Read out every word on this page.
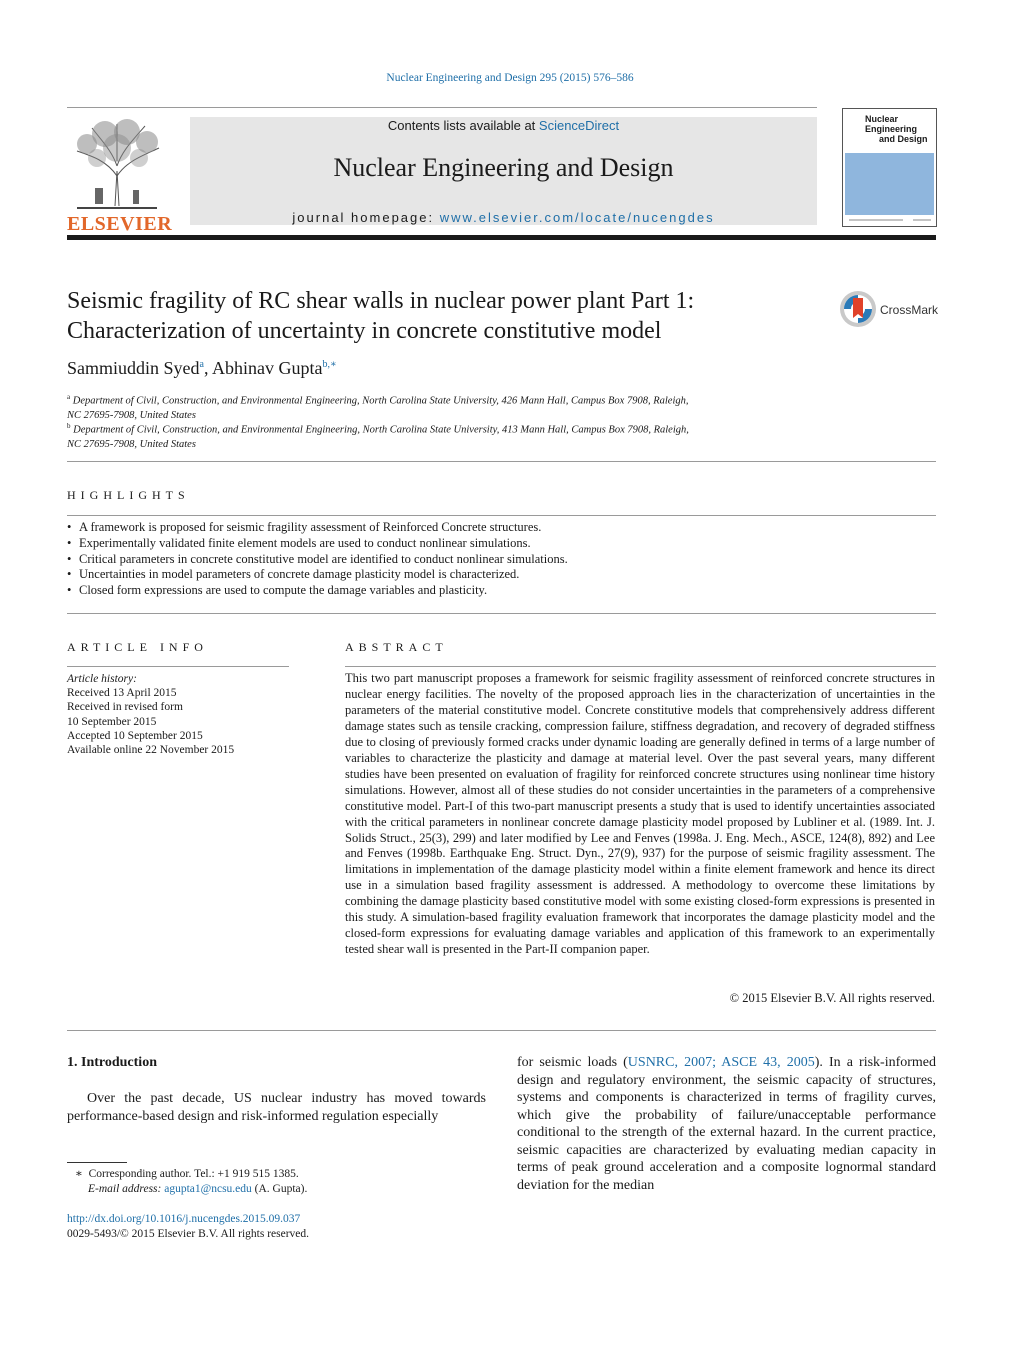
Nuclear Engineering and Design 295 (2015) 576–586
ELSEVIER
Contents lists available at ScienceDirect
Nuclear Engineering and Design
journal homepage: www.elsevier.com/locate/nucengdes
Nuclear Engineering
and Design
Seismic fragility of RC shear walls in nuclear power plant Part 1:
Characterization of uncertainty in concrete constitutive model
CrossMark
Sammiuddin Syed$^a$, Abhinav Gupta$^{b,∗}$
$^a$ Department of Civil, Construction, and Environmental Engineering, North Carolina State University, 426 Mann Hall, Campus Box 7908, Raleigh,
NC 27695-7908, United States
$^b$ Department of Civil, Construction, and Environmental Engineering, North Carolina State University, 413 Mann Hall, Campus Box 7908, Raleigh,
NC 27695-7908, United States
HIGHLIGHTS
• A framework is proposed for seismic fragility assessment of Reinforced Concrete structures.
• Experimentally validated finite element models are used to conduct nonlinear simulations.
• Critical parameters in concrete constitutive model are identified to conduct nonlinear simulations.
• Uncertainties in model parameters of concrete damage plasticity model is characterized.
• Closed form expressions are used to compute the damage variables and plasticity.
ARTICLE INFO
Article history:
Received 13 April 2015
Received in revised form
10 September 2015
Accepted 10 September 2015
Available online 22 November 2015
ABSTRACT
This two part manuscript proposes a framework for seismic fragility assessment of reinforced concrete structures in nuclear energy facilities. The novelty of the proposed approach lies in the characterization of uncertainties in the parameters of the material constitutive model. Concrete constitutive models that comprehensively address different damage states such as tensile cracking, compression failure, stiffness degradation, and recovery of degraded stiffness due to closing of previously formed cracks under dynamic loading are generally defined in terms of a large number of variables to characterize the plasticity and damage at material level. Over the past several years, many different studies have been presented on evaluation of fragility for reinforced concrete structures using nonlinear time history simulations. However, almost all of these studies do not consider uncertainties in the parameters of a comprehensive constitutive model. Part-I of this two-part manuscript presents a study that is used to identify uncertainties associated with the critical parameters in nonlinear concrete damage plasticity model proposed by Lubliner et al. (1989. Int. J. Solids Struct., 25(3), 299) and later modified by Lee and Fenves (1998a. J. Eng. Mech., ASCE, 124(8), 892) and Lee and Fenves (1998b. Earthquake Eng. Struct. Dyn., 27(9), 937) for the purpose of seismic fragility assessment. The limitations in implementation of the damage plasticity model within a finite element framework and hence its direct use in a simulation based fragility assessment is addressed. A methodology to overcome these limitations by combining the damage plasticity based constitutive model with some existing closed-form expressions is presented in this study. A simulation-based fragility evaluation framework that incorporates the damage plasticity model and the closed-form expressions for evaluating damage variables and application of this framework to an experimentally tested shear wall is presented in the Part-II companion paper.
© 2015 Elsevier B.V. All rights reserved.
1. Introduction
Over the past decade, US nuclear industry has moved towards performance-based design and risk-informed regulation especially
for seismic loads (USNRC, 2007; ASCE 43, 2005). In a risk-informed design and regulatory environment, the seismic capacity of structures, systems and components is characterized in terms of fragility curves, which give the probability of failure/unacceptable performance conditional to the strength of the external hazard. In the current practice, seismic capacities are characterized by evaluating median capacity in terms of peak ground acceleration and a composite lognormal standard deviation for the median
∗ Corresponding author. Tel.: +1 919 515 1385.
E-mail address: agupta1@ncsu.edu (A. Gupta).
http://dx.doi.org/10.1016/j.nucengdes.2015.09.037
0029-5493/© 2015 Elsevier B.V. All rights reserved.
